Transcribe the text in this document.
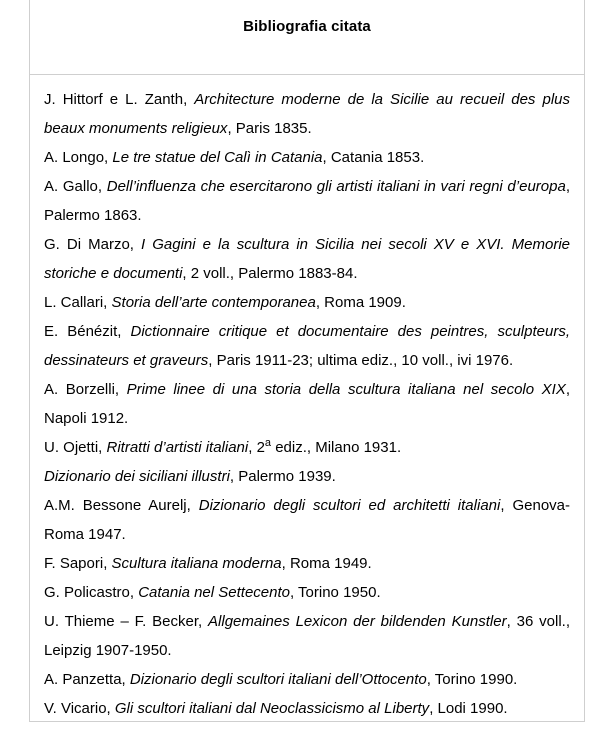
Bibliografia citata

J. Hittorf e L. Zanth, Architecture moderne de la Sicilie au recueil des plus beaux monuments religieux, Paris 1835.

A. Longo, Le tre statue del Calì in Catania, Catania 1853.

A. Gallo, Dell’influenza che esercitarono gli artisti italiani in vari regni d’europa, Palermo 1863.

G. Di Marzo, I Gagini e la scultura in Sicilia nei secoli XV e XVI. Memorie storiche e documenti, 2 voll., Palermo 1883-84.

L. Callari, Storia dell’arte contemporanea, Roma 1909.

E. Bénézit, Dictionnaire critique et documentaire des peintres, sculpteurs, dessinateurs et graveurs, Paris 1911-23; ultima ediz., 10 voll., ivi 1976.

A. Borzelli, Prime linee di una storia della scultura italiana nel secolo XIX, Napoli 1912.

U. Ojetti, Ritratti d’artisti italiani, 2$^a$ ediz., Milano 1931.

Dizionario dei siciliani illustri, Palermo 1939.

A.M. Bessone Aurelj, Dizionario degli scultori ed architetti italiani, Genova-Roma 1947.

F. Sapori, Scultura italiana moderna, Roma 1949.

G. Policastro, Catania nel Settecento, Torino 1950.

U. Thieme – F. Becker, Allgemaines Lexicon der bildenden Kunstler, 36 voll., Leipzig 1907-1950.

A. Panzetta, Dizionario degli scultori italiani dell’Ottocento, Torino 1990.

V. Vicario, Gli scultori italiani dal Neoclassicismo al Liberty, Lodi 1990.
